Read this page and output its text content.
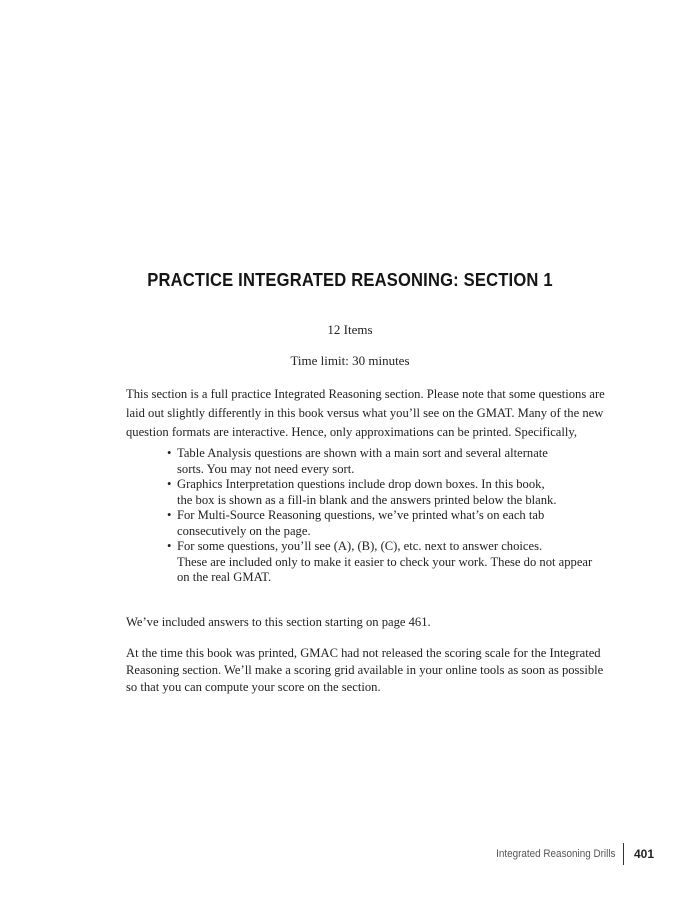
PRACTICE INTEGRATED REASONING: SECTION 1
12 Items
Time limit: 30 minutes

This section is a full practice Integrated Reasoning section. Please note that some questions are
laid out slightly differently in this book versus what you’ll see on the GMAT. Many of the new
question formats are interactive. Hence, only approximations can be printed. Specifically,

• Table Analysis questions are shown with a main sort and several alternate
sorts. You may not need every sort.
• Graphics Interpretation questions include drop down boxes. In this book,
the box is shown as a fill-in blank and the answers printed below the blank.
• For Multi-Source Reasoning questions, we’ve printed what’s on each tab
consecutively on the page.
• For some questions, you’ll see (A), (B), (C), etc. next to answer choices.
These are included only to make it easier to check your work. These do not appear
on the real GMAT.

We’ve included answers to this section starting on page 461.

At the time this book was printed, GMAC had not released the scoring scale for the Integrated
Reasoning section. We’ll make a scoring grid available in your online tools as soon as possible
so that you can compute your score on the section.

Integrated Reasoning Drills	401
